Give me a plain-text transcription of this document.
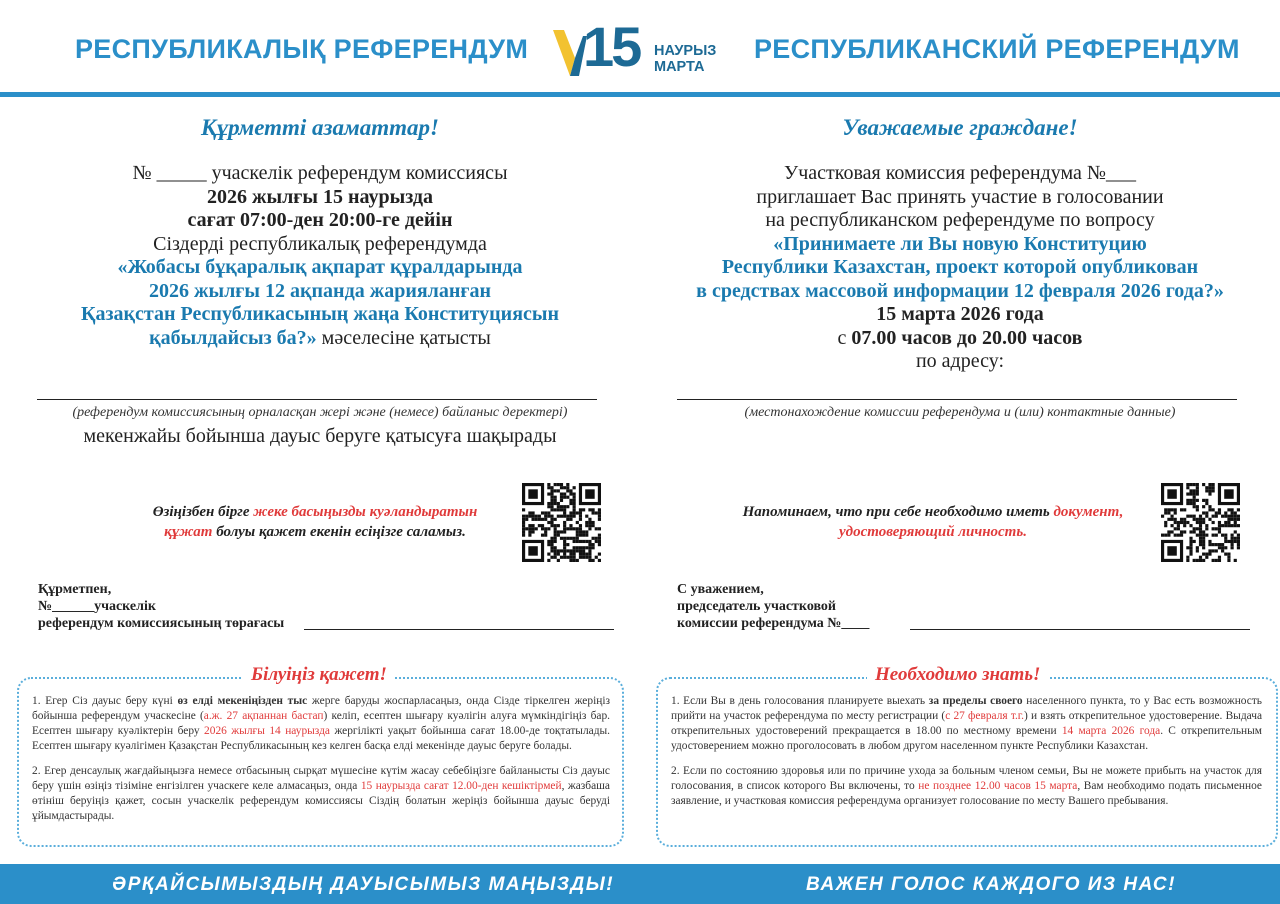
РЕСПУБЛИКАЛЫҚ РЕФЕРЕНДУМ 15 НАУРЫЗ
МАРТА
РЕСПУБЛИКАНСКИЙ РЕФЕРЕНДУМ
Құрметті азаматтар!
№ _____ учаскелік референдум комиссиясы
2026 жылғы 15 наурызда
сағат 07:00-ден 20:00-ге дейін
Сіздерді республикалық референдумда
«Жобасы бұқаралық ақпарат құралдарында
2026 жылғы 12 ақпанда жарияланған
Қазақстан Республикасының жаңа Конституциясын
қабылдайсыз ба?» мәселесіне қатысты
(референдум комиссиясының орналасқан жері және (немесе) байланыс деректері)
мекенжайы бойынша дауыс беруге қатысуға шақырады
Өзіңізбен бірге жеке басыңызды куәландыратын
құжат болуы қажет екенін есіңізге саламыз.
Құрметпен,
№______учаскелік
референдум комиссиясының төрағасы
Білуіңіз қажет!

1. Егер Сіз дауыс беру күні өз елді мекеніңізден тыс жерге баруды жоспарласаңыз, онда Сізде тіркелген жеріңіз бойынша референдум учаскесіне (а.ж. 27 ақпаннан бастап) келіп, есептен шығару куәлігін алуға мүмкіндігіңіз бар. Есептен шығару куәліктерін беру 2026 жылғы 14 наурызда жергілікті уақыт бойынша сағат 18.00-де тоқтатылады. Есептен шығару куәлігімен Қазақстан Республикасының кез келген басқа елді мекенінде дауыс беруге болады.

2. Егер денсаулық жағдайыңызға немесе отбасының сырқат мүшесіне күтім жасау себебіңізге байланысты Сіз дауыс беру үшін өзіңіз тізіміне енгізілген учаскеге келе алмасаңыз, онда 15 наурызда сағат 12.00-ден кешіктірмей, жазбаша өтініш беруіңіз қажет, сосын учаскелік референдум комиссиясы Сіздің болатын жеріңіз бойынша дауыс беруді ұйымдастырады.

Уважаемые граждане!
Участковая комиссия референдума №___
приглашает Вас принять участие в голосовании
на республиканском референдуме по вопросу
«Принимаете ли Вы новую Конституцию
Республики Казахстан, проект которой опубликован
в средствах массовой информации 12 февраля 2026 года?»
15 марта 2026 года
с 07.00 часов до 20.00 часов
по адресу:
(местонахождение комиссии референдума и (или) контактные данные)
Напоминаем, что при себе необходимо иметь документ,
удостоверяющий личность.
С уважением,
председатель участковой
комиссии референдума №____
Необходимо знать!

1. Если Вы в день голосования планируете выехать за пределы своего населенного пункта, то у Вас есть возможность прийти на участок референдума по месту регистрации (с 27 февраля т.г.) и взять открепительное удостоверение. Выдача открепительных удостоверений прекращается в 18.00 по местному времени 14 марта 2026 года. С открепительным удостоверением можно проголосовать в любом другом населенном пункте Республики Казахстан.

2. Если по состоянию здоровья или по причине ухода за больным членом семьи, Вы не можете прибыть на участок для голосования, в список которого Вы включены, то не позднее 12.00 часов 15 марта, Вам необходимо подать письменное заявление, и участковая комиссия референдума организует голосование по месту Вашего пребывания.

ӘРҚАЙСЫМЫЗДЫҢ ДАУЫСЫМЫЗ МАҢЫЗДЫ!	ВАЖЕН ГОЛОС КАЖДОГО ИЗ НАС!
